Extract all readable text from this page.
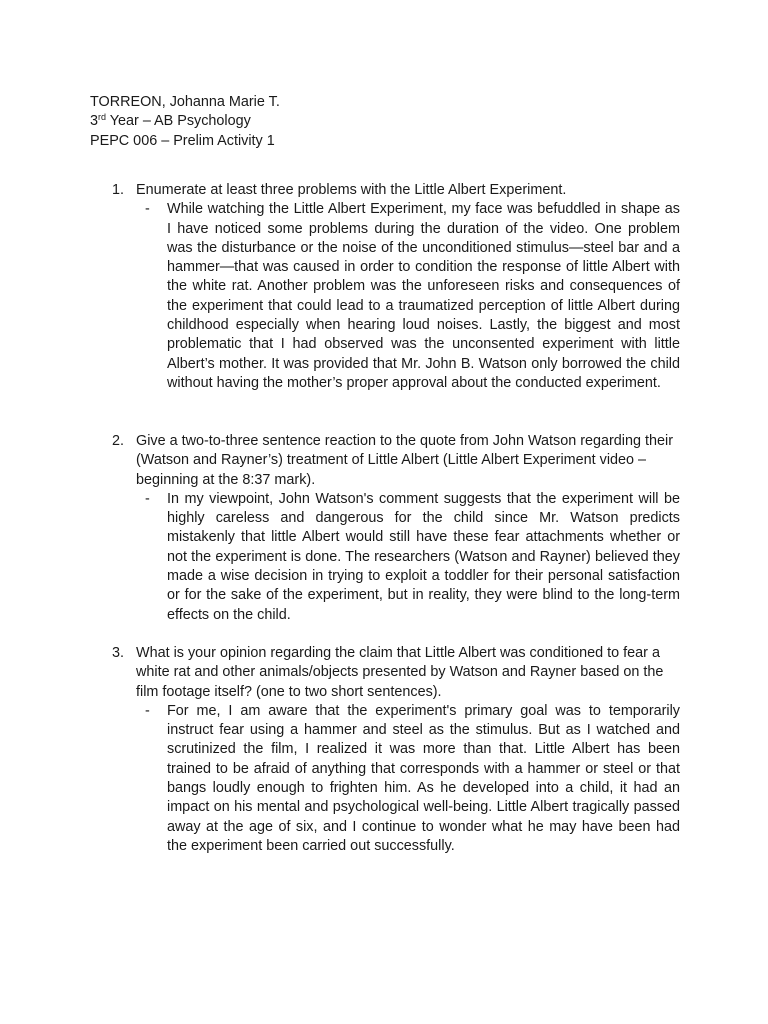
TORREON, Johanna Marie T.
3rd Year – AB Psychology
PEPC 006 – Prelim Activity 1
1. Enumerate at least three problems with the Little Albert Experiment.
-	While watching the Little Albert Experiment, my face was befuddled in shape as I have noticed some problems during the duration of the video. One problem was the disturbance or the noise of the unconditioned stimulus—steel bar and a hammer—that was caused in order to condition the response of little Albert with the white rat. Another problem was the unforeseen risks and consequences of the experiment that could lead to a traumatized perception of little Albert during childhood especially when hearing loud noises. Lastly, the biggest and most problematic that I had observed was the unconsented experiment with little Albert’s mother. It was provided that Mr. John B. Watson only borrowed the child without having the mother’s proper approval about the conducted experiment.
2. Give a two-to-three sentence reaction to the quote from John Watson regarding their (Watson and Rayner’s) treatment of Little Albert (Little Albert Experiment video – beginning at the 8:37 mark).
-	In my viewpoint, John Watson's comment suggests that the experiment will be highly careless and dangerous for the child since Mr. Watson predicts mistakenly that little Albert would still have these fear attachments whether or not the experiment is done. The researchers (Watson and Rayner) believed they made a wise decision in trying to exploit a toddler for their personal satisfaction or for the sake of the experiment, but in reality, they were blind to the long-term effects on the child.
3. What is your opinion regarding the claim that Little Albert was conditioned to fear a white rat and other animals/objects presented by Watson and Rayner based on the film footage itself? (one to two short sentences).
-	For me, I am aware that the experiment's primary goal was to temporarily instruct fear using a hammer and steel as the stimulus. But as I watched and scrutinized the film, I realized it was more than that. Little Albert has been trained to be afraid of anything that corresponds with a hammer or steel or that bangs loudly enough to frighten him. As he developed into a child, it had an impact on his mental and psychological well-being. Little Albert tragically passed away at the age of six, and I continue to wonder what he may have been had the experiment been carried out successfully.
